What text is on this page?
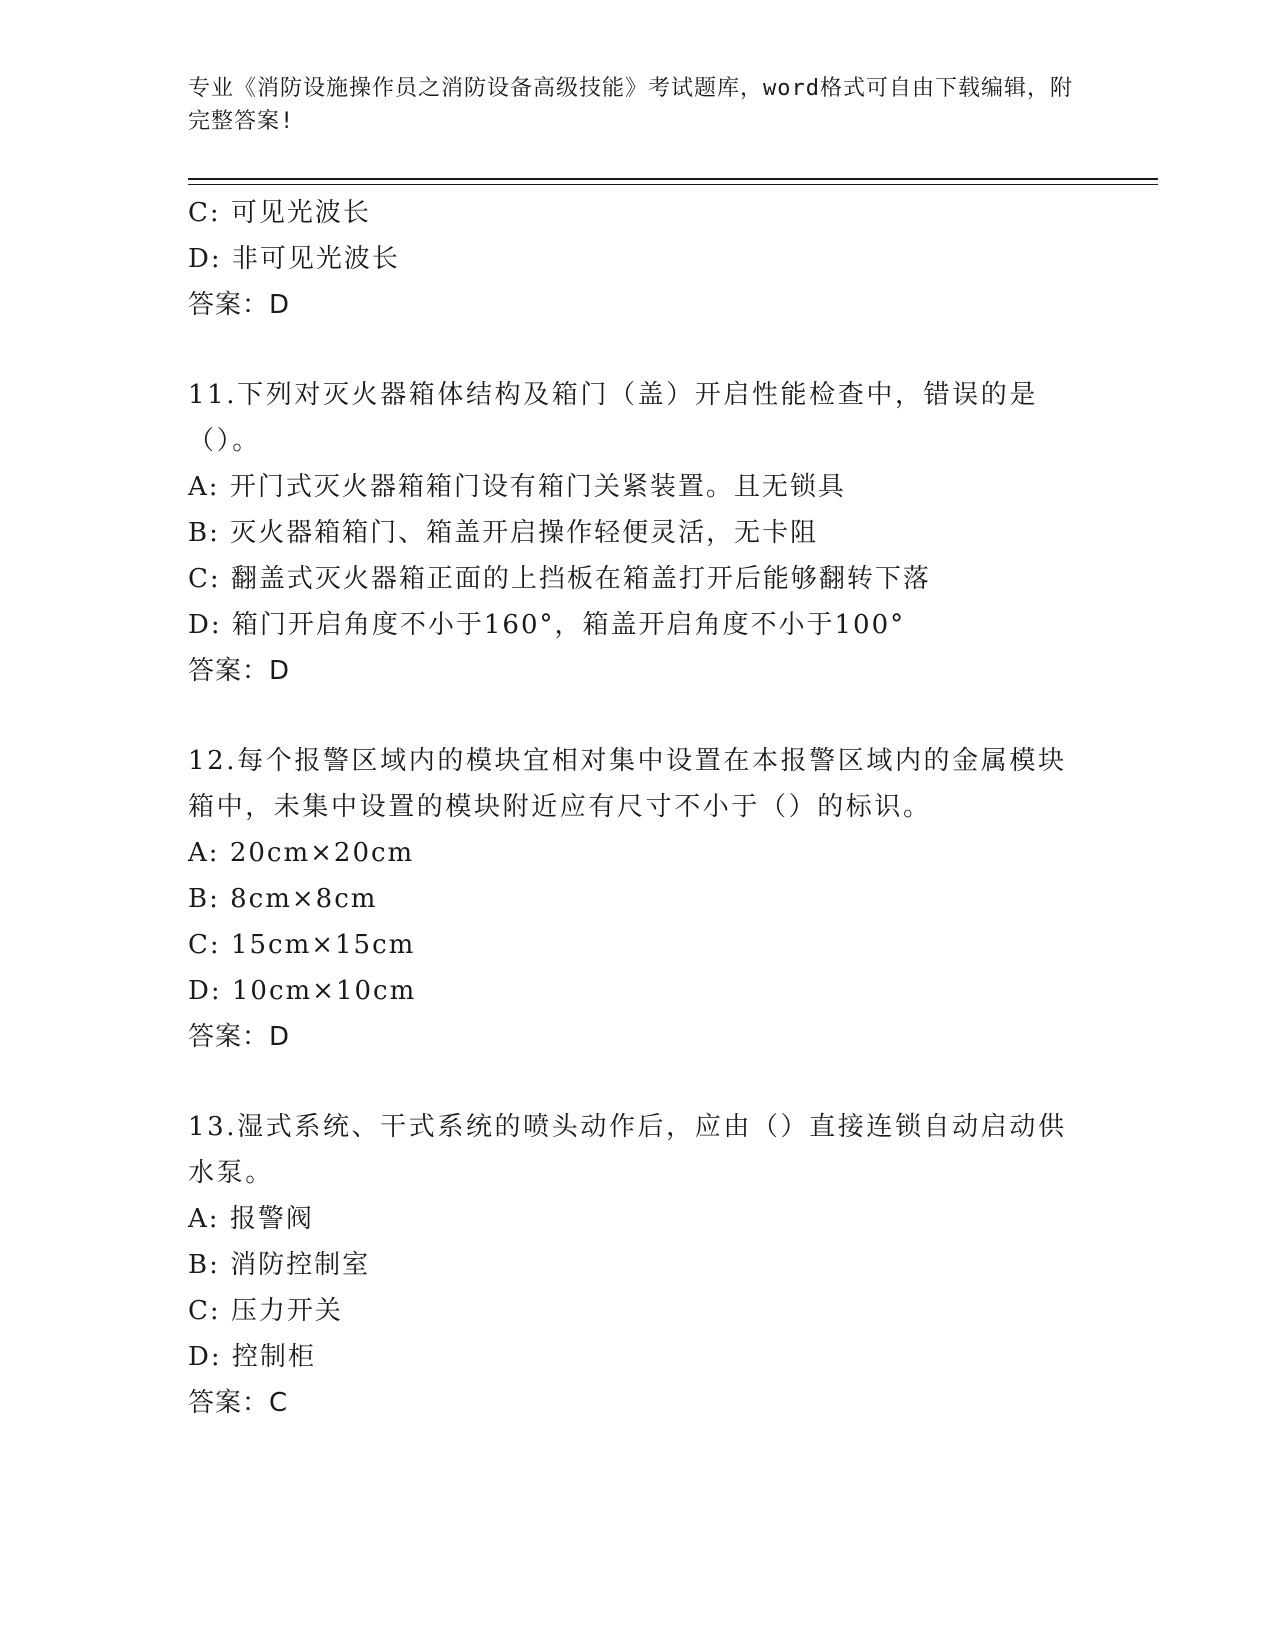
专业《消防设施操作员之消防设备高级技能》考试题库，word格式可自由下载编辑，附完整答案!
C: 可见光波长
D: 非可见光波长
答案：D
11.下列对灭火器箱体结构及箱门（盖）开启性能检查中，错误的是（）。
A: 开门式灭火器箱箱门设有箱门关紧装置。且无锁具
B: 灭火器箱箱门、箱盖开启操作轻便灵活，无卡阻
C: 翻盖式灭火器箱正面的上挡板在箱盖打开后能够翻转下落
D: 箱门开启角度不小于160°，箱盖开启角度不小于100°
答案：D
12.每个报警区域内的模块宜相对集中设置在本报警区域内的金属模块箱中，未集中设置的模块附近应有尺寸不小于（）的标识。
A: 20cm×20cm
B: 8cm×8cm
C: 15cm×15cm
D: 10cm×10cm
答案：D
13.湿式系统、干式系统的喷头动作后，应由（）直接连锁自动启动供水泵。
A: 报警阀
B: 消防控制室
C: 压力开关
D: 控制柜
答案：C
